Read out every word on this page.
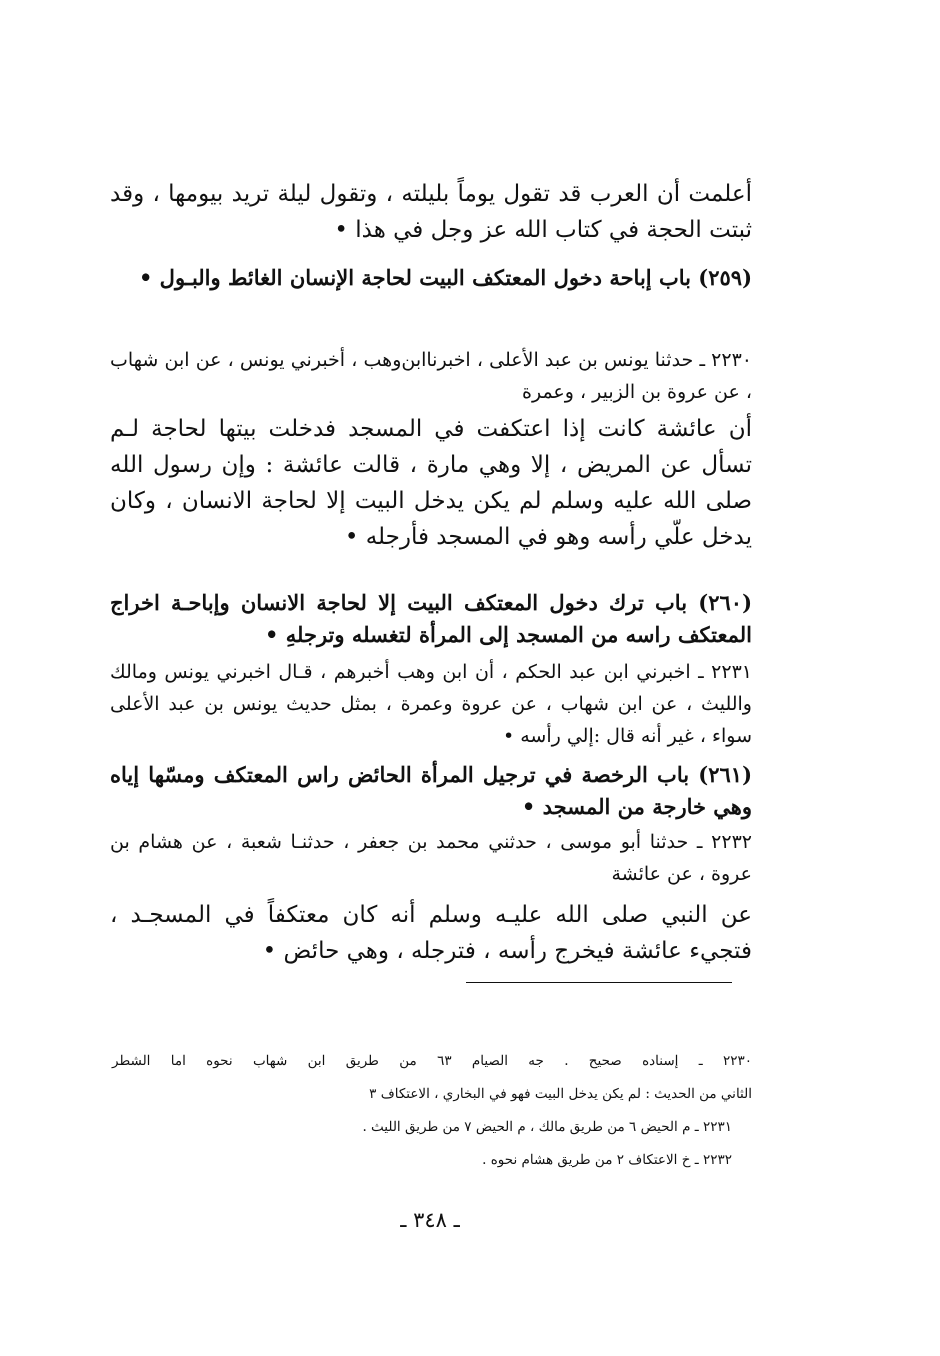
أعلمت أن العرب قد تقول يوماً بليلته ، وتقول ليلة تريد بيومها ، وقد ثبتت الحجة في كتاب الله عز وجل في هذا •

(٢٥٩) باب إباحة دخول المعتكف البيت لحاجة الإنسان الغائط والبـول •

٢٢٣٠ ـ حدثنا يونس بن عبد الأعلى ، اخبرناابن‌وهب ، أخبرني يونس ، عن ابن شهاب ، عن عروة بن الزبير ، وعمرة

أن عائشة كانت إذا اعتكفت في المسجد فدخلت بيتها لحاجة لـم تسأل عن المريض ، إلا وهي مارة ، قالت عائشة : وإن رسول الله صلى الله عليه وسلم لم يكن يدخل البيت إلا لحاجة الانسان ، وكان يدخل علّي رأسه وهو في المسجد فأرجله •

(٢٦٠) باب ترك دخول المعتكف البيت إلا لحاجة الانسان وإباحـة اخراج المعتكف راسه من المسجد إلى المرأة لتغسله وترجلهِ •

٢٢٣١ ـ اخبرني ابن عبد الحكم ، أن ابن وهب أخبرهم ، قـال اخبرني يونس ومالك والليث ، عن ابن شهاب ، عن عروة وعمرة ، بمثل حديث يونس بن عبد الأعلى سواء ، غير أنه قال :إلي رأسه •

(٢٦١) باب الرخصة في ترجيل المرأة الحائض راس المعتكف ومسّها إياه وهي خارجة من المسجد •

٢٢٣٢ ـ حدثنا أبو موسى ، حدثني محمد بن جعفر ، حدثنـا شعبة ، عن هشام بن عروة ، عن عائشة

عن النبي صلى الله عليـه وسلم أنه كان معتكفاً في المسجـد ، فتجيء عائشة فيخرج رأسه ، فترجله ، وهي حائض •

٢٢٣٠ ـ إسناده صحيح . جه الصيام ٦٣ من طريق ابن شهاب نحوه اما الشطر

الثاني من الحديث : لم يكن يدخل البيت فهو في البخاري ، الاعتكاف ٣

٢٢٣١ ـ م الحيض ٦ من طريق مالك ، م الحيض ٧ من طريق الليث .

٢٢٣٢ ـ خ الاعتكاف ٢ من طريق هشام نحوه .

ـ ٣٤٨ ـ
